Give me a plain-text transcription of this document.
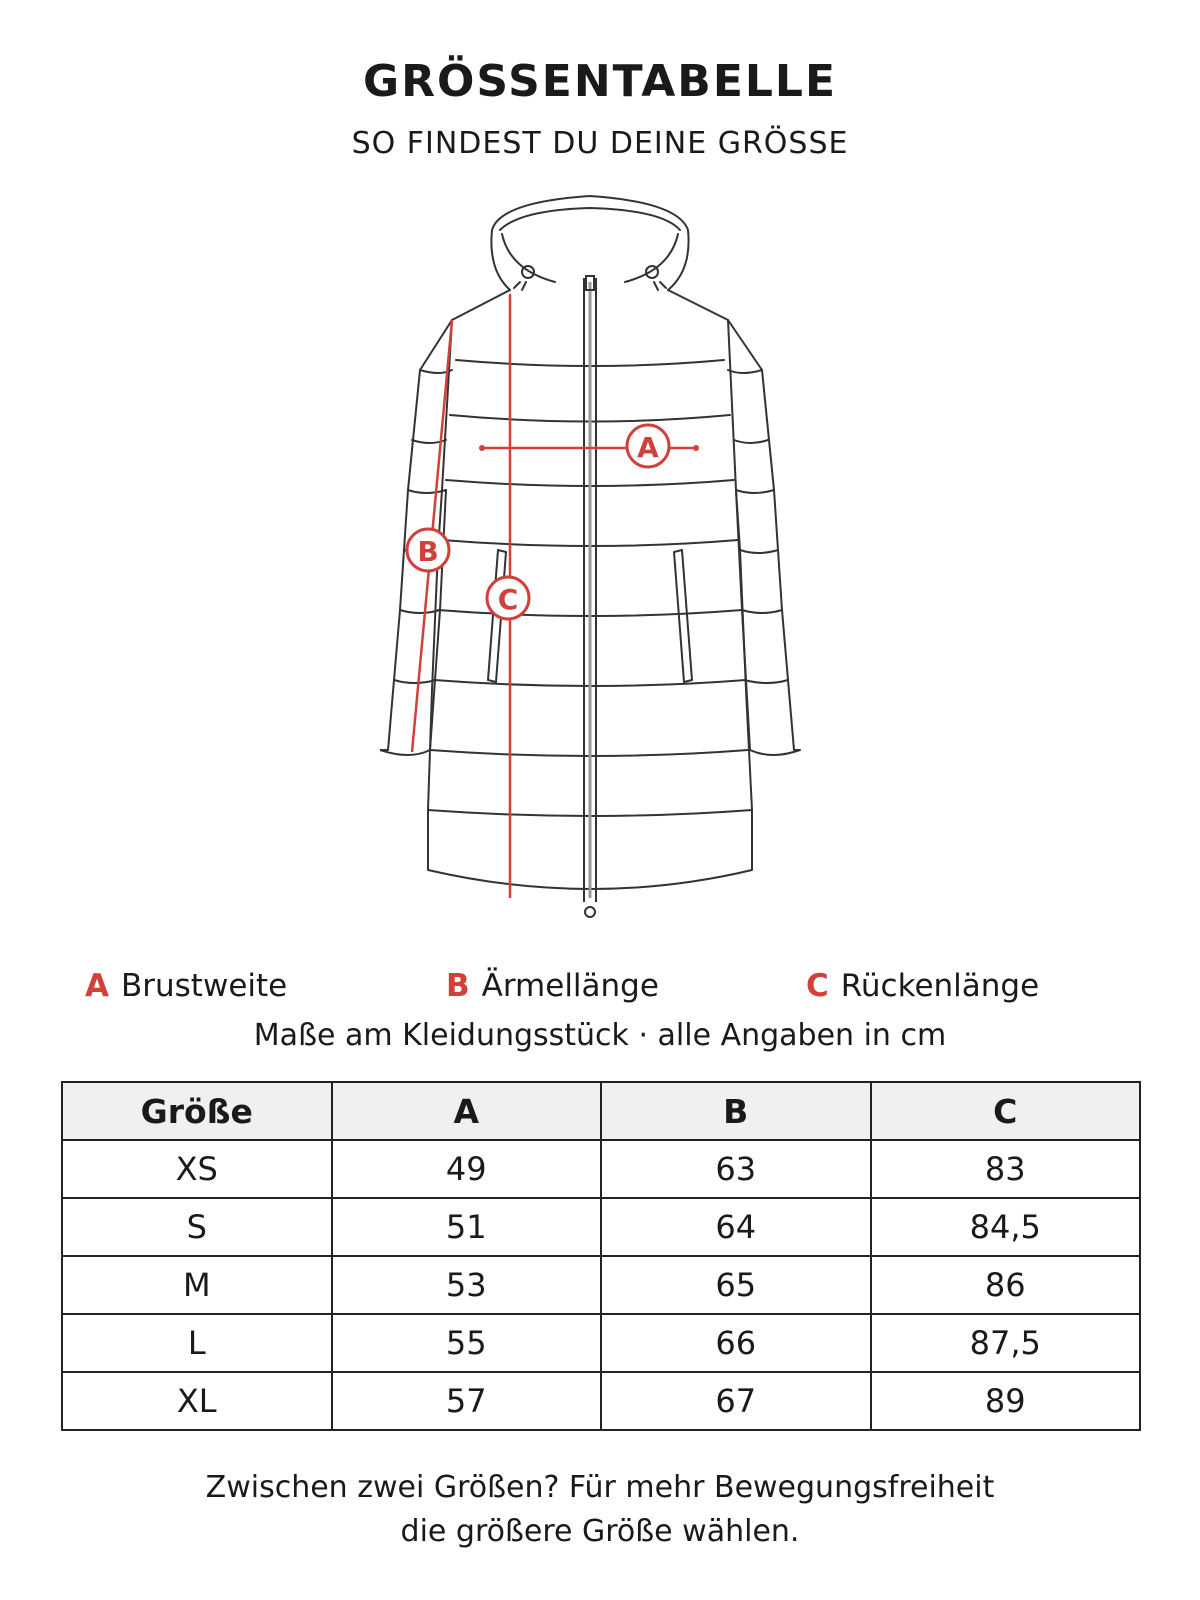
GRÖSSENTABELLE
SO FINDEST DU DEINE GRÖSSE
A
B
C
A Brustweite	B Ärmellänge	C Rückenlänge
Maße am Kleidungsstück · alle Angaben in cm
Größe	A	B	C
XS	49	63	83
S	51	64	84,5
M	53	65	86
L	55	66	87,5
XL	57	67	89
Zwischen zwei Größen? Für mehr Bewegungsfreiheit
die größere Größe wählen.
